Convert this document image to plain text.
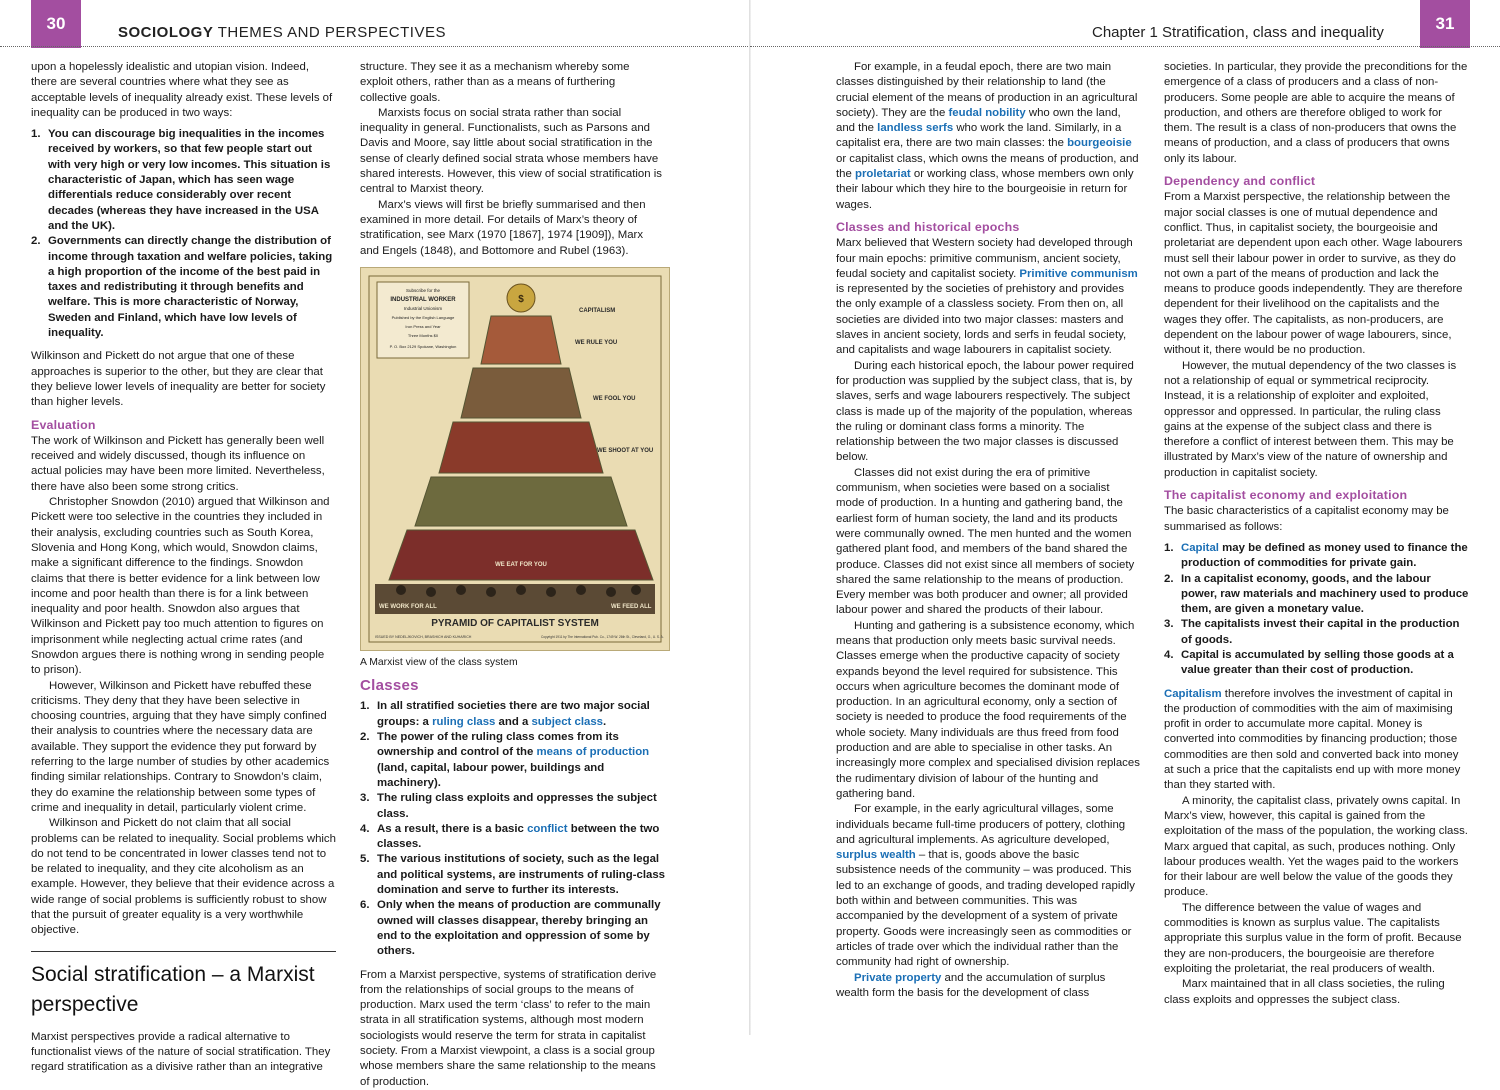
30	SOCIOLOGY THEMES AND PERSPECTIVES

upon a hopelessly idealistic and utopian vision. Indeed, there are several countries where what they see as acceptable levels of inequality already exist. These levels of inequality can be produced in two ways:

1. You can discourage big inequalities in the incomes received by workers, so that few people start out with very high or very low incomes. This situation is characteristic of Japan, which has seen wage differentials reduce considerably over recent decades (whereas they have increased in the USA and the UK).
2. Governments can directly change the distribution of income through taxation and welfare policies, taking a high proportion of the income of the best paid in taxes and redistributing it through benefits and welfare. This is more characteristic of Norway, Sweden and Finland, which have low levels of inequality.

Wilkinson and Pickett do not argue that one of these approaches is superior to the other, but they are clear that they believe lower levels of inequality are better for society than higher levels.

Evaluation

The work of Wilkinson and Pickett has generally been well received and widely discussed, though its influence on actual policies may have been more limited. Nevertheless, there have also been some strong critics.

Christopher Snowdon (2010) argued that Wilkinson and Pickett were too selective in the countries they included in their analysis, excluding countries such as South Korea, Slovenia and Hong Kong, which would, Snowdon claims, make a significant difference to the findings. Snowdon claims that there is better evidence for a link between low income and poor health than there is for a link between inequality and poor health. Snowdon also argues that Wilkinson and Pickett pay too much attention to figures on imprisonment while neglecting actual crime rates (and Snowdon argues there is nothing wrong in sending people to prison).

However, Wilkinson and Pickett have rebuffed these criticisms. They deny that they have been selective in choosing countries, arguing that they have simply confined their analysis to countries where the necessary data are available. They support the evidence they put forward by referring to the large number of studies by other academics finding similar relationships. Contrary to Snowdon’s claim, they do examine the relationship between some types of crime and inequality in detail, particularly violent crime.

Wilkinson and Pickett do not claim that all social problems can be related to inequality. Social problems which do not tend to be concentrated in lower classes tend not to be related to inequality, and they cite alcoholism as an example. However, they believe that their evidence across a wide range of social problems is sufficiently robust to show that the pursuit of greater equality is a very worthwhile objective.

Social stratification – a Marxist perspective

Marxist perspectives provide a radical alternative to functionalist views of the nature of social stratification. They regard stratification as a divisive rather than an integrative

structure. They see it as a mechanism whereby some exploit others, rather than as a means of furthering collective goals.

Marxists focus on social strata rather than social inequality in general. Functionalists, such as Parsons and Davis and Moore, say little about social stratification in the sense of clearly defined social strata whose members have shared interests. However, this view of social stratification is central to Marxist theory.

Marx’s views will first be briefly summarised and then examined in more detail. For details of Marx’s theory of stratification, see Marx (1970 [1867], 1974 [1909]), Marx and Engels (1848), and Bottomore and Rubel (1963).

$
Subscribe for the
INDUSTRIAL WORKER
Industrial Unionism
Published by the English Language
Iron Press and Year
Three Months $0
P. O. Box 2129 Spokane, Washington
CAPITALISM
WE RULE YOU
WE FOOL YOU
WE SHOOT AT YOU
WE EAT FOR YOU
WE WORK FOR ALL	WE FEED ALL
PYRAMID OF CAPITALIST SYSTEM
ISSUED BY NEDELJKOVICH, BRASHICH AND KUHARICH	Copyright 1911 by The International Pub. Co., 1749 W. 26th St., Cleveland, O., U. S. A.
A Marxist view of the class system
Classes
1. In all stratified societies there are two major social groups: a ruling class and a subject class.
2. The power of the ruling class comes from its ownership and control of the means of production (land, capital, labour power, buildings and machinery).
3. The ruling class exploits and oppresses the subject class.
4. As a result, there is a basic conflict between the two classes.
5. The various institutions of society, such as the legal and political systems, are instruments of ruling-class domination and serve to further its interests.
6. Only when the means of production are communally owned will classes disappear, thereby bringing an end to the exploitation and oppression of some by others.

From a Marxist perspective, systems of stratification derive from the relationships of social groups to the means of production. Marx used the term ‘class’ to refer to the main strata in all stratification systems, although most modern sociologists would reserve the term for strata in capitalist society. From a Marxist viewpoint, a class is a social group whose members share the same relationship to the means of production.

Chapter 1 Stratification, class and inequality	31

For example, in a feudal epoch, there are two main classes distinguished by their relationship to land (the crucial element of the means of production in an agricultural society). They are the feudal nobility who own the land, and the landless serfs who work the land. Similarly, in a capitalist era, there are two main classes: the bourgeoisie or capitalist class, which owns the means of production, and the proletariat or working class, whose members own only their labour which they hire to the bourgeoisie in return for wages.

Classes and historical epochs

Marx believed that Western society had developed through four main epochs: primitive communism, ancient society, feudal society and capitalist society. Primitive communism is represented by the societies of prehistory and provides the only example of a classless society. From then on, all societies are divided into two major classes: masters and slaves in ancient society, lords and serfs in feudal society, and capitalists and wage labourers in capitalist society.

During each historical epoch, the labour power required for production was supplied by the subject class, that is, by slaves, serfs and wage labourers respectively. The subject class is made up of the majority of the population, whereas the ruling or dominant class forms a minority. The relationship between the two major classes is discussed below.

Classes did not exist during the era of primitive communism, when societies were based on a socialist mode of production. In a hunting and gathering band, the earliest form of human society, the land and its products were communally owned. The men hunted and the women gathered plant food, and members of the band shared the produce. Classes did not exist since all members of society shared the same relationship to the means of production. Every member was both producer and owner; all provided labour power and shared the products of their labour.

Hunting and gathering is a subsistence economy, which means that production only meets basic survival needs. Classes emerge when the productive capacity of society expands beyond the level required for subsistence. This occurs when agriculture becomes the dominant mode of production. In an agricultural economy, only a section of society is needed to produce the food requirements of the whole society. Many individuals are thus freed from food production and are able to specialise in other tasks. An increasingly more complex and specialised division replaces the rudimentary division of labour of the hunting and gathering band.

For example, in the early agricultural villages, some individuals became full-time producers of pottery, clothing and agricultural implements. As agriculture developed, surplus wealth – that is, goods above the basic subsistence needs of the community – was produced. This led to an exchange of goods, and trading developed rapidly both within and between communities. This was accompanied by the development of a system of private property. Goods were increasingly seen as commodities or articles of trade over which the individual rather than the community had right of ownership.

Private property and the accumulation of surplus wealth form the basis for the development of class

societies. In particular, they provide the preconditions for the emergence of a class of producers and a class of non-producers. Some people are able to acquire the means of production, and others are therefore obliged to work for them. The result is a class of non-producers that owns the means of production, and a class of producers that owns only its labour.

Dependency and conflict

From a Marxist perspective, the relationship between the major social classes is one of mutual dependence and conflict. Thus, in capitalist society, the bourgeoisie and proletariat are dependent upon each other. Wage labourers must sell their labour power in order to survive, as they do not own a part of the means of production and lack the means to produce goods independently. They are therefore dependent for their livelihood on the capitalists and the wages they offer. The capitalists, as non-producers, are dependent on the labour power of wage labourers, since, without it, there would be no production.

However, the mutual dependency of the two classes is not a relationship of equal or symmetrical reciprocity. Instead, it is a relationship of exploiter and exploited, oppressor and oppressed. In particular, the ruling class gains at the expense of the subject class and there is therefore a conflict of interest between them. This may be illustrated by Marx’s view of the nature of ownership and production in capitalist society.

The capitalist economy and exploitation

The basic characteristics of a capitalist economy may be summarised as follows:

1. Capital may be defined as money used to finance the production of commodities for private gain.
2. In a capitalist economy, goods, and the labour power, raw materials and machinery used to produce them, are given a monetary value.
3. The capitalists invest their capital in the production of goods.
4. Capital is accumulated by selling those goods at a value greater than their cost of production.

Capitalism therefore involves the investment of capital in the production of commodities with the aim of maximising profit in order to accumulate more capital. Money is converted into commodities by financing production; those commodities are then sold and converted back into money at such a price that the capitalists end up with more money than they started with.

A minority, the capitalist class, privately owns capital. In Marx’s view, however, this capital is gained from the exploitation of the mass of the population, the working class. Marx argued that capital, as such, produces nothing. Only labour produces wealth. Yet the wages paid to the workers for their labour are well below the value of the goods they produce.

The difference between the value of wages and commodities is known as surplus value. The capitalists appropriate this surplus value in the form of profit. Because they are non-producers, the bourgeoisie are therefore exploiting the proletariat, the real producers of wealth.

Marx maintained that in all class societies, the ruling class exploits and oppresses the subject class.
